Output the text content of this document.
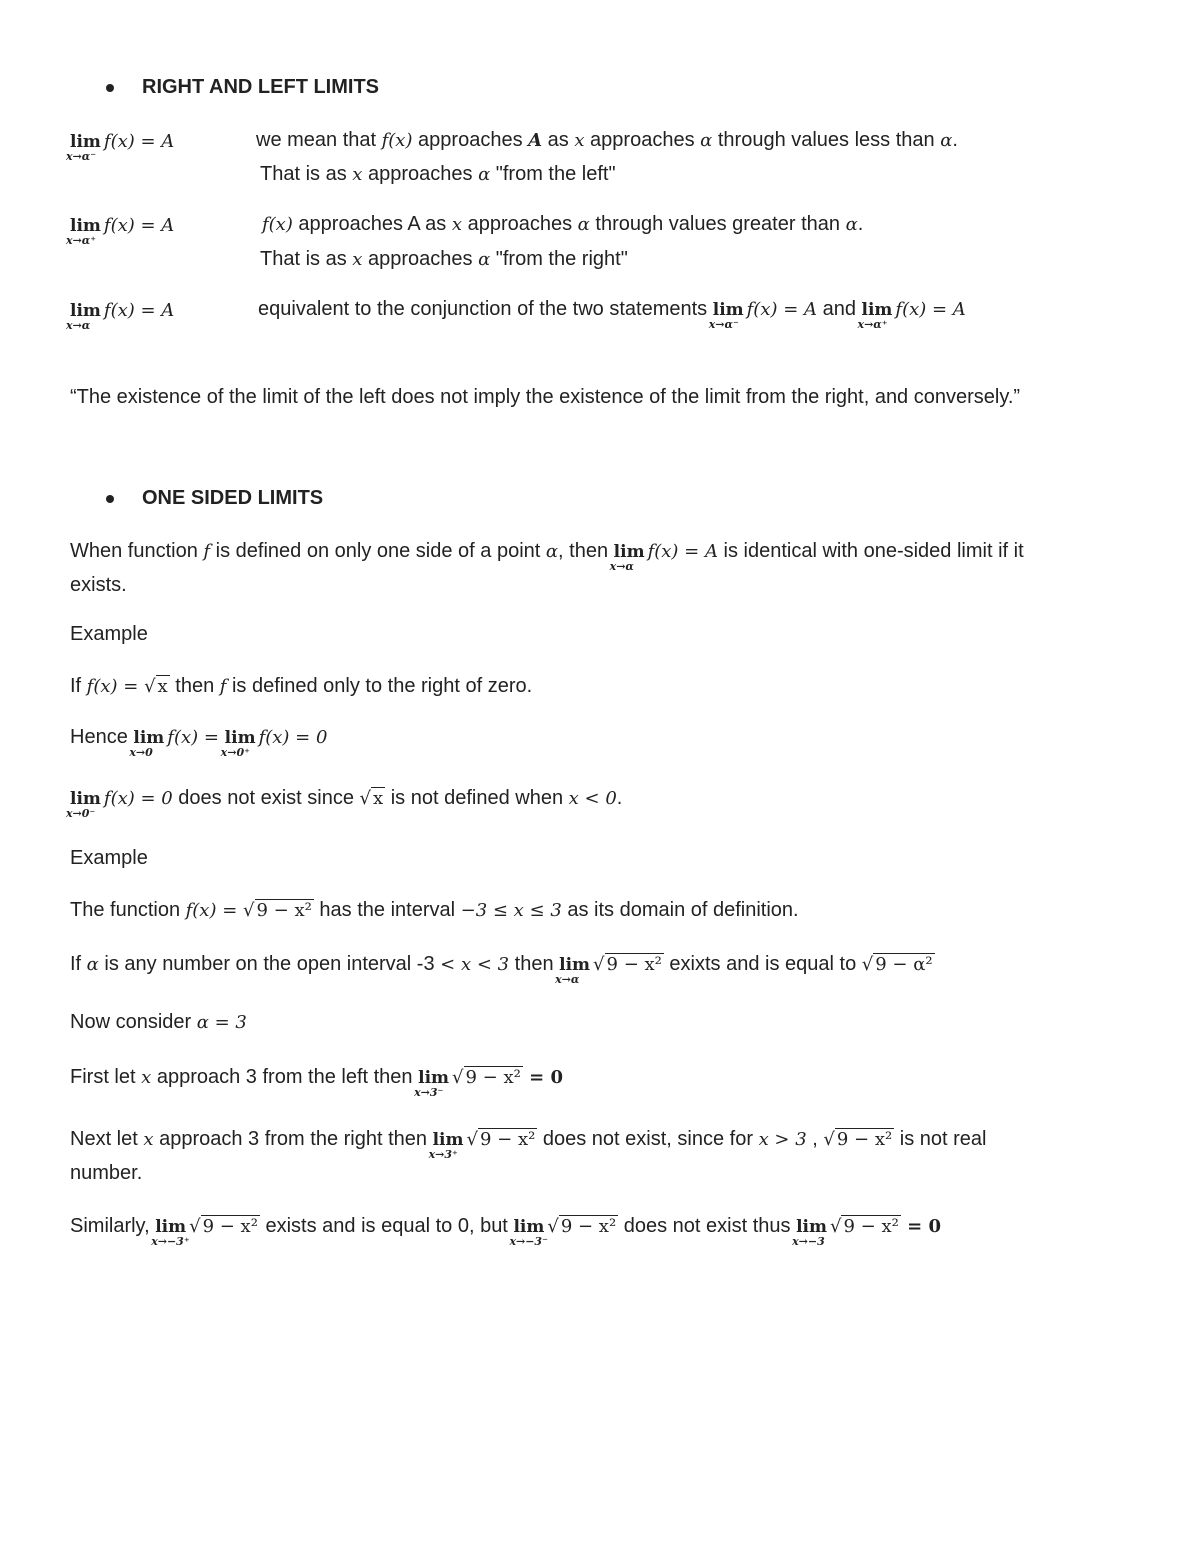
RIGHT AND LEFT LIMITS
lim
x→α⁻
f(x) = A	we mean that f(x) approaches A as x approaches α through values less than α.
That is as x approaches α "from the left"
lim
x→α⁺
f(x) = A	f(x) approaches A as x approaches α through values greater than α.
That is as x approaches α "from the right"
lim
x→α
f(x) = A	equivalent to the conjunction of the two statements lim
x→α⁻
f(x) = A and lim
x→α⁺
f(x) = A
“The existence of the limit of the left does not imply the existence of the limit from the right, and conversely.”
ONE SIDED LIMITS
When function f is defined on only one side of a point α, then lim
x→α
f(x) = A is identical with one-sided limit if it
exists.
Example
If f(x) = √ x then f is defined only to the right of zero.
Hence lim
x→0
f(x) = lim
x→0⁺
f(x) = 0
lim
x→0⁻
f(x) = 0 does not exist since √ x is not defined when x < 0.
Example
The function f(x) = √ 9 − x² has the interval −3 ≤ x ≤ 3 as its domain of definition.
If α is any number on the open interval -3 < x < 3 then lim
x→α
√ 9 − x² exixts and is equal to √ 9 − α²
Now consider α = 3
First let x approach 3 from the left then lim
x→3⁻
√ 9 − x² = 0
Next let x approach 3 from the right then lim
x→3⁺
√ 9 − x² does not exist, since for x > 3 , √ 9 − x² is not real
number.
Similarly, lim
x→−3⁺
√ 9 − x² exists and is equal to 0, but lim
x→−3⁻
√ 9 − x² does not exist thus lim
x→−3
√ 9 − x² = 0
